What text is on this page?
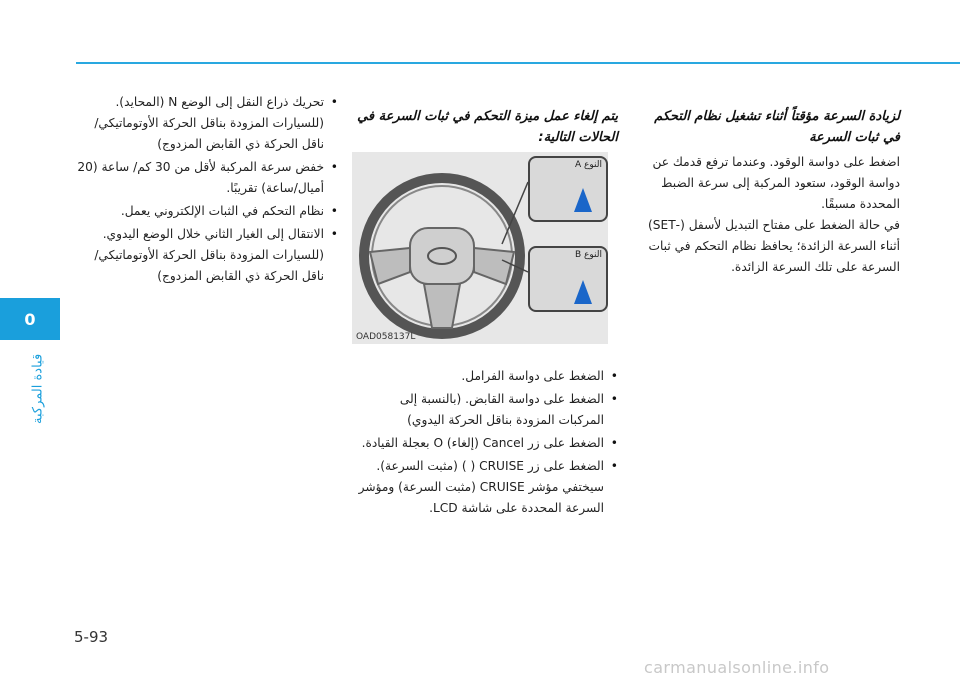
0
قيادة المركبة

لزيادة السرعة مؤقتاً أثناء تشغيل نظام التحكم في ثبات السرعة

اضغط على دواسة الوقود. وعندما ترفع قدمك عن دواسة الوقود، ستعود المركبة إلى سرعة الضبط المحددة مسبقًا.

في حالة الضغط على مفتاح التبديل لأسفل (-SET) أثناء السرعة الزائدة؛ يحافظ نظام التحكم في ثبات السرعة على تلك السرعة الزائدة.

يتم إلغاء عمل ميزة التحكم في ثبات السرعة في الحالات التالية:

النوع A
النوع B
OAD058137L
• الضغط على دواسة الفرامل.
• الضغط على دواسة القابض. (بالنسبة إلى المركبات المزودة بناقل الحركة اليدوي)
• الضغط على زر Cancel (إلغاء) O بعجلة القيادة.
• الضغط على زر CRUISE ( ) (مثبت السرعة). سيختفي مؤشر CRUISE (مثبت السرعة) ومؤشر السرعة المحددة على شاشة LCD.
• تحريك ذراع النقل إلى الوضع N (المحايد). (للسيارات المزودة بناقل الحركة الأوتوماتيكي/ ناقل الحركة ذي القابض المزدوج)
• خفض سرعة المركبة لأقل من 30 كم/ ساعة (20 أميال/ساعة) تقريبًا.
• نظام التحكم في الثبات الإلكتروني يعمل.
• الانتقال إلى الغيار الثاني خلال الوضع اليدوي. (للسيارات المزودة بناقل الحركة الأوتوماتيكي/ ناقل الحركة ذي القابض المزدوج)
5-93
carmanualsonline.info
